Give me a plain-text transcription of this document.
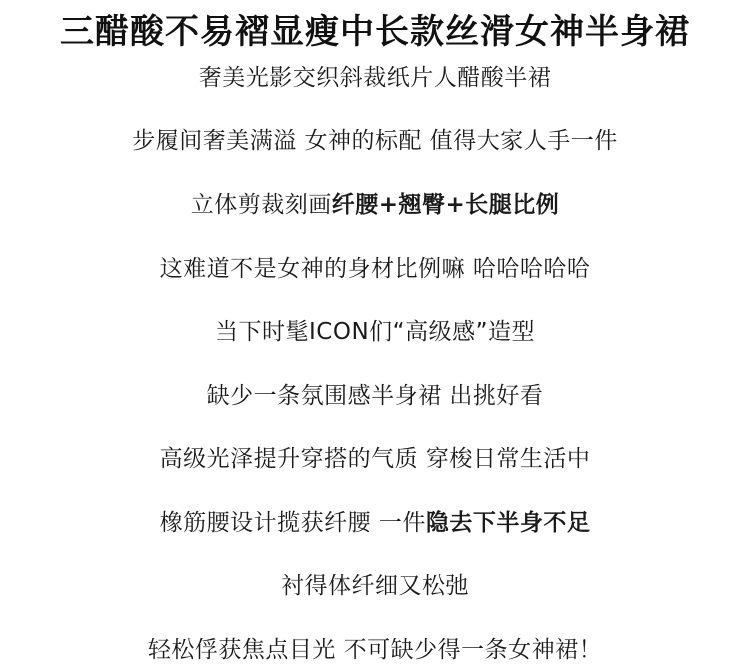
三醋酸不易褶显瘦中长款丝滑女神半身裙
奢美光影交织斜裁纸片人醋酸半裙
步履间奢美满溢 女神的标配 值得大家人手一件
立体剪裁刻画纤腰+翘臀+长腿比例
这难道不是女神的身材比例嘛 哈哈哈哈哈
当下时髦ICON们“高级感”造型
缺少一条氛围感半身裙 出挑好看
高级光泽提升穿搭的气质 穿梭日常生活中
橡筋腰设计揽获纤腰 一件隐去下半身不足
衬得体纤细又松弛
轻松俘获焦点目光 不可缺少得一条女神裙！
